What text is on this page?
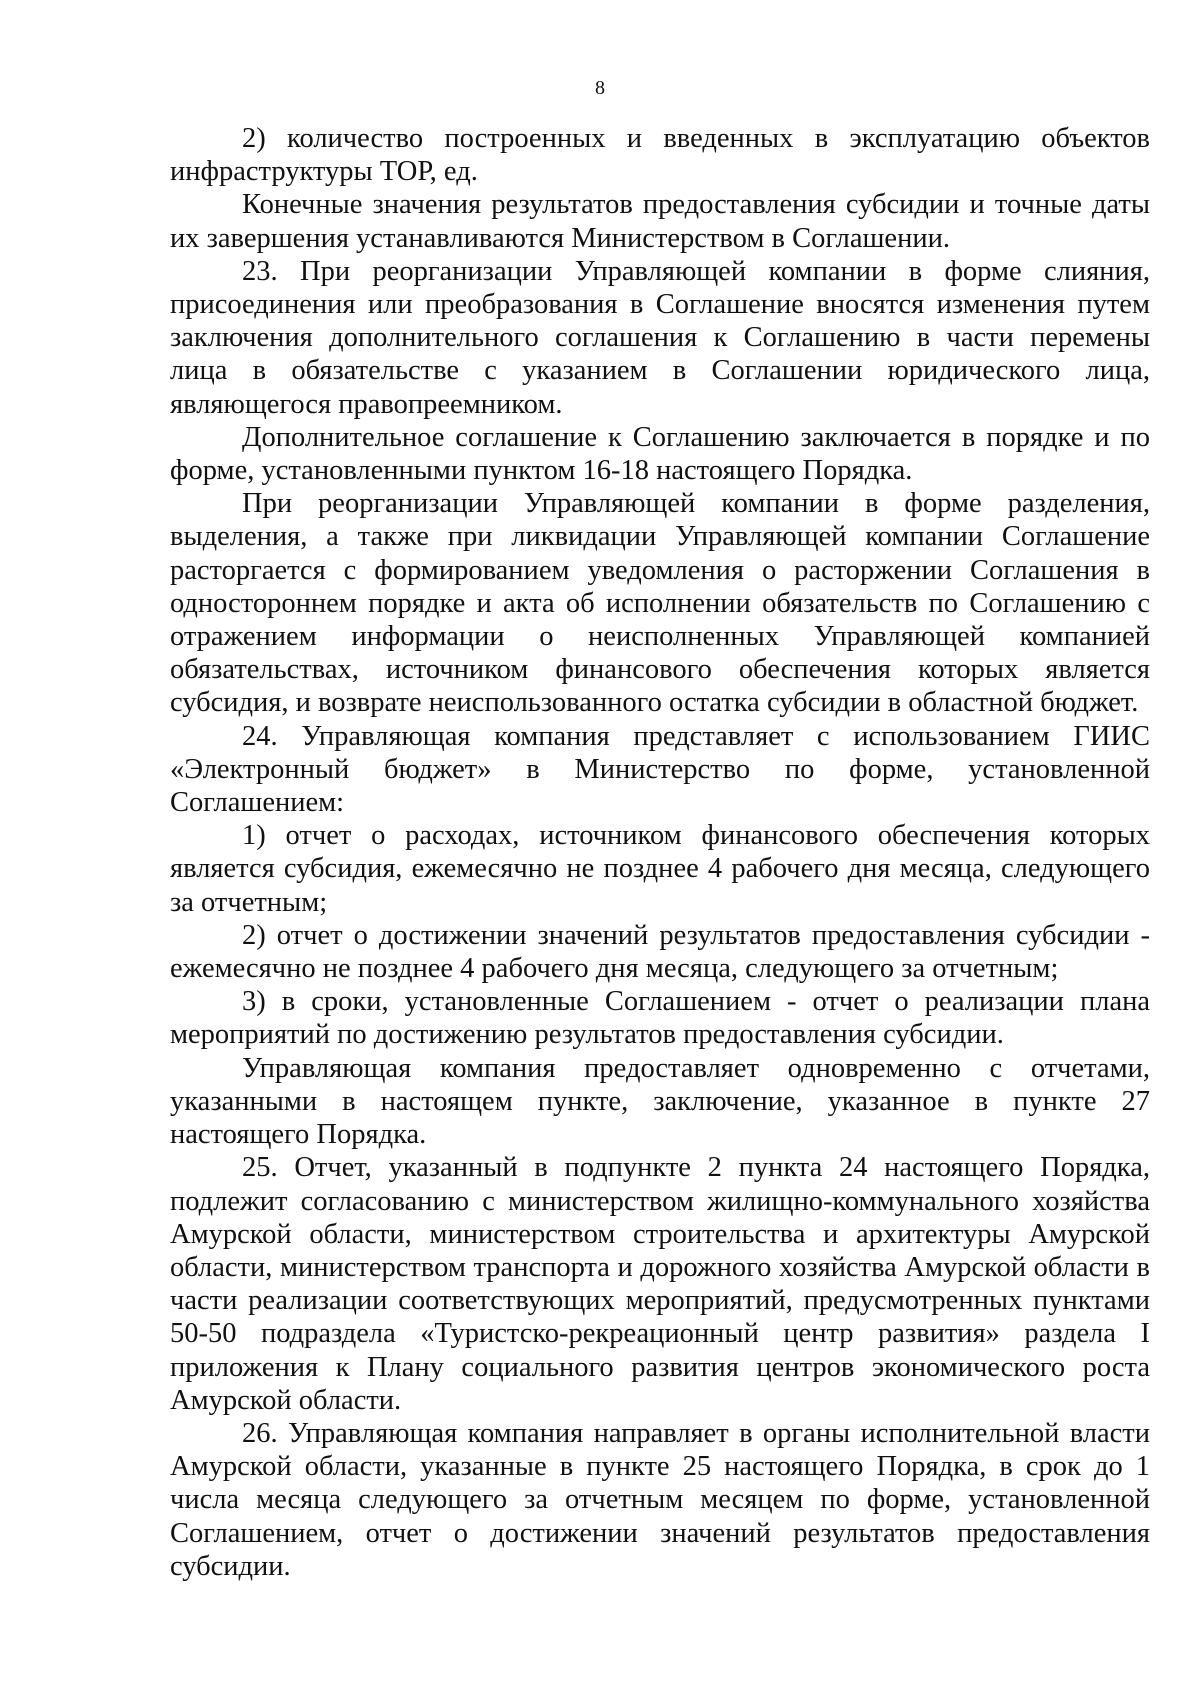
8

2) количество построенных и введенных в эксплуатацию объектов инфраструктуры ТОР, ед.

Конечные значения результатов предоставления субсидии и точные даты их завершения устанавливаются Министерством в Соглашении.

23. При реорганизации Управляющей компании в форме слияния, присоединения или преобразования в Соглашение вносятся изменения путем заключения дополнительного соглашения к Соглашению в части перемены лица в обязательстве с указанием в Соглашении юридического лица, являющегося правопреемником.

Дополнительное соглашение к Соглашению заключается в порядке и по форме, установленными пунктом 16-18 настоящего Порядка.

При реорганизации Управляющей компании в форме разделения, выделения, а также при ликвидации Управляющей компании Соглашение расторгается с формированием уведомления о расторжении Соглашения в одностороннем порядке и акта об исполнении обязательств по Соглашению с отражением информации о неисполненных Управляющей компанией обязательствах, источником финансового обеспечения которых является субсидия, и возврате неиспользованного остатка субсидии в областной бюджет.

24. Управляющая компания представляет с использованием ГИИС «Электронный бюджет» в Министерство по форме, установленной Соглашением:

1) отчет о расходах, источником финансового обеспечения которых является субсидия, ежемесячно не позднее 4 рабочего дня месяца, следующего за отчетным;

2) отчет о достижении значений результатов предоставления субсидии - ежемесячно не позднее 4 рабочего дня месяца, следующего за отчетным;

3) в сроки, установленные Соглашением - отчет о реализации плана мероприятий по достижению результатов предоставления субсидии.

Управляющая компания предоставляет одновременно с отчетами, указанными в настоящем пункте, заключение, указанное в пункте 27 настоящего Порядка.

25. Отчет, указанный в подпункте 2 пункта 24 настоящего Порядка, подлежит согласованию с министерством жилищно-коммунального хозяйства Амурской области, министерством строительства и архитектуры Амурской области, министерством транспорта и дорожного хозяйства Амурской области в части реализации соответствующих мероприятий, предусмотренных пунктами 50-50 подраздела «Туристско-рекреационный центр развития» раздела I приложения к Плану социального развития центров экономического роста Амурской области.

26. Управляющая компания направляет в органы исполнительной власти Амурской области, указанные в пункте 25 настоящего Порядка, в срок до 1 числа месяца следующего за отчетным месяцем по форме, установленной Соглашением, отчет о достижении значений результатов предоставления субсидии.
